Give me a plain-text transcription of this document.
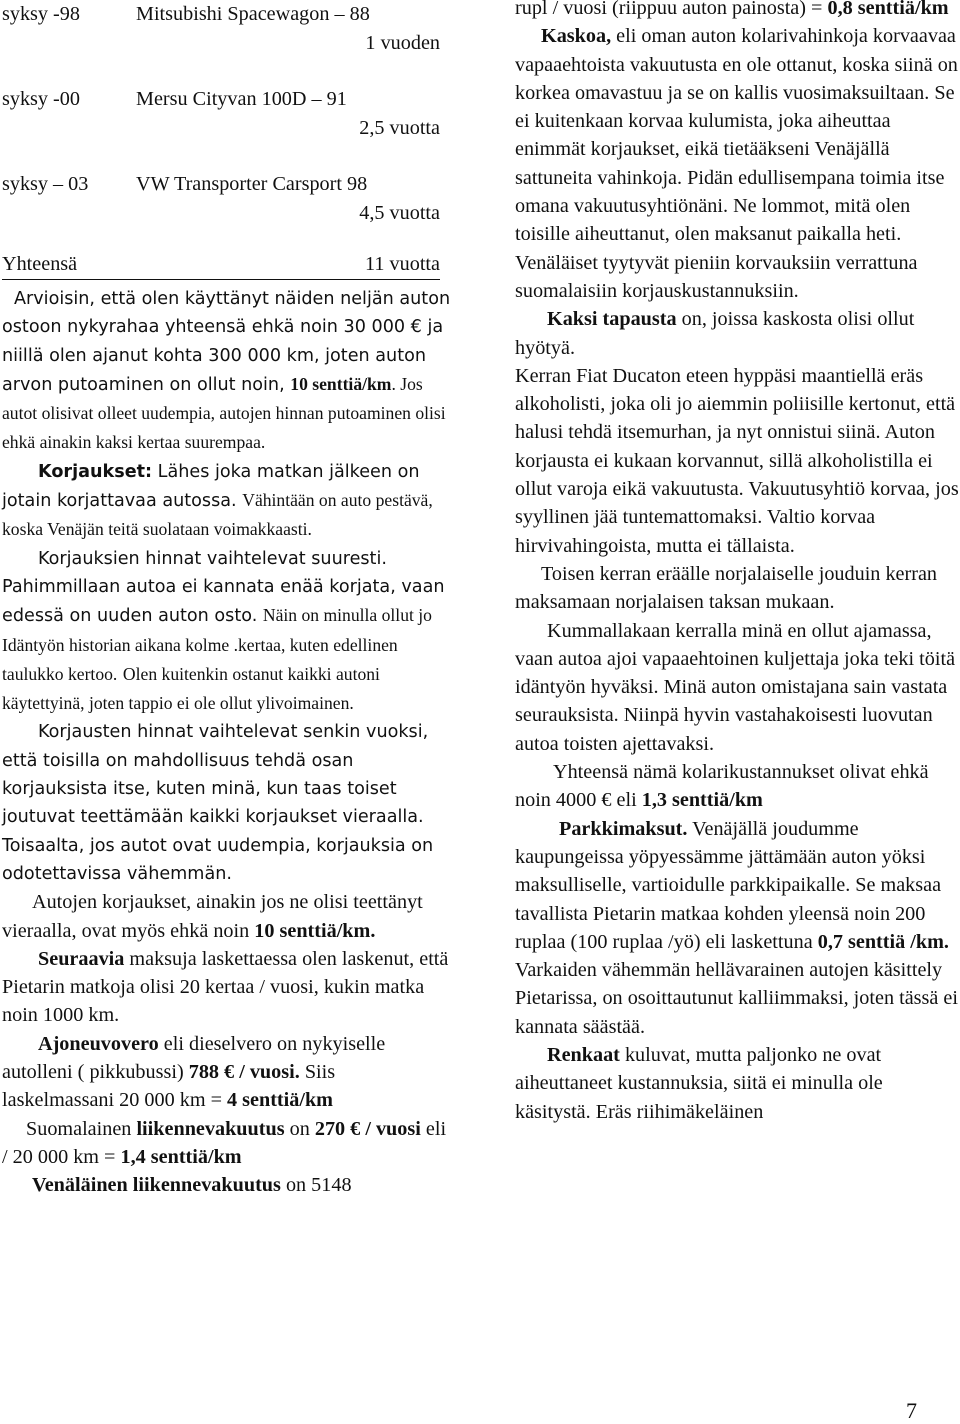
syksy -98	Mitsubishi Spacewagon – 88
1 vuoden
syksy -00	Mersu Cityvan 100D – 91
2,5 vuotta
syksy – 03 VW Transporter Carsport 98
4,5 vuotta
Yhteensä	11 vuotta

Arvioisin, että olen käyttänyt näiden neljän auton ostoon nykyrahaa yhteensä ehkä noin 30 000 € ja niillä olen ajanut kohta 300 000 km, joten auton arvon putoaminen on ollut noin, 10 senttiä/km. Jos autot olisivat olleet uudempia, autojen hinnan putoaminen olisi ehkä ainakin kaksi kertaa suurempaa.

Korjaukset: Lähes joka matkan jälkeen on jotain korjattavaa autossa. Vähintään on auto pestävä, koska Venäjän teitä suolataan voimakkaasti.

Korjauksien hinnat vaihtelevat suuresti. Pahimmillaan autoa ei kannata enää korjata, vaan edessä on uuden auton osto. Näin on minulla ollut jo Idäntyön historian aikana kolme .kertaa, kuten edellinen taulukko kertoo. Olen kuitenkin ostanut kaikki autoni käytettyinä, joten tappio ei ole ollut ylivoimainen.

Korjausten hinnat vaihtelevat senkin vuoksi, että toisilla on mahdollisuus tehdä osan korjauksista itse, kuten minä, kun taas toiset joutuvat teettämään kaikki korjaukset vieraalla. Toisaalta, jos autot ovat uudempia, korjauksia on odotettavissa vähemmän.

Autojen korjaukset, ainakin jos ne olisi teettänyt vieraalla, ovat myös ehkä noin 10 senttiä/km.

Seuraavia maksuja laskettaessa olen laskenut, että Pietarin matkoja olisi 20 kertaa / vuosi, kukin matka noin 1000 km.

Ajoneuvovero eli dieselvero on nykyiselle autolleni ( pikkubussi) 788 € / vuosi. Siis laskelmassani 20 000 km = 4 senttiä/km

Suomalainen liikennevakuutus on 270 € / vuosi eli / 20 000 km = 1,4 senttiä/km

Venäläinen liikennevakuutus on 5148

rupl / vuosi (riippuu auton painosta) = 0,8 senttiä/km

Kaskoa, eli oman auton kolarivahinkoja korvaavaa vapaaehtoista vakuutusta en ole ottanut, koska siinä on korkea omavastuu ja se on kallis vuosimaksuiltaan. Se ei kuitenkaan korvaa kulumista, joka aiheuttaa enimmät korjaukset, eikä tietääkseni Venäjällä sattuneita vahinkoja. Pidän edullisempana toimia itse omana vakuutusyhtiönäni. Ne lommot, mitä olen toisille aiheuttanut, olen maksanut paikalla heti. Venäläiset tyytyvät pieniin korvauksiin verrattuna suomalaisiin korjauskustannuksiin.

Kaksi tapausta on, joissa kaskosta olisi ollut hyötyä.

Kerran Fiat Ducaton eteen hyppäsi maantiellä eräs alkoholisti, joka oli jo aiemmin poliisille kertonut, että halusi tehdä itsemurhan, ja nyt onnistui siinä. Auton korjausta ei kukaan korvannut, sillä alkoholistilla ei ollut varoja eikä vakuutusta. Vakuutusyhtiö korvaa, jos syyllinen jää tuntemattomaksi. Valtio korvaa hirvivahingoista, mutta ei tällaista.

Toisen kerran eräälle norjalaiselle jouduin kerran maksamaan norjalaisen taksan mukaan.

Kummallakaan kerralla minä en ollut ajamassa, vaan autoa ajoi vapaaehtoinen kuljettaja joka teki töitä idäntyön hyväksi. Minä auton omistajana sain vastata seurauksista. Niinpä hyvin vastahakoisesti luovutan autoa toisten ajettavaksi.

Yhteensä nämä kolarikustannukset olivat ehkä noin 4000 € eli 1,3 senttiä/km

Parkkimaksut. Venäjällä joudumme kaupungeissa yöpyessämme jättämään auton yöksi maksulliselle, vartioidulle parkkipaikalle. Se maksaa tavallista Pietarin matkaa kohden yleensä noin 200 ruplaa (100 ruplaa /yö) eli laskettuna 0,7 senttiä /km. Varkaiden vähemmän hellävarainen autojen käsittely Pietarissa, on osoittautunut kalliimmaksi, joten tässä ei kannata säästää.

Renkaat kuluvat, mutta paljonko ne ovat aiheuttaneet kustannuksia, siitä ei minulla ole käsitystä. Eräs riihimäkeläinen

7
